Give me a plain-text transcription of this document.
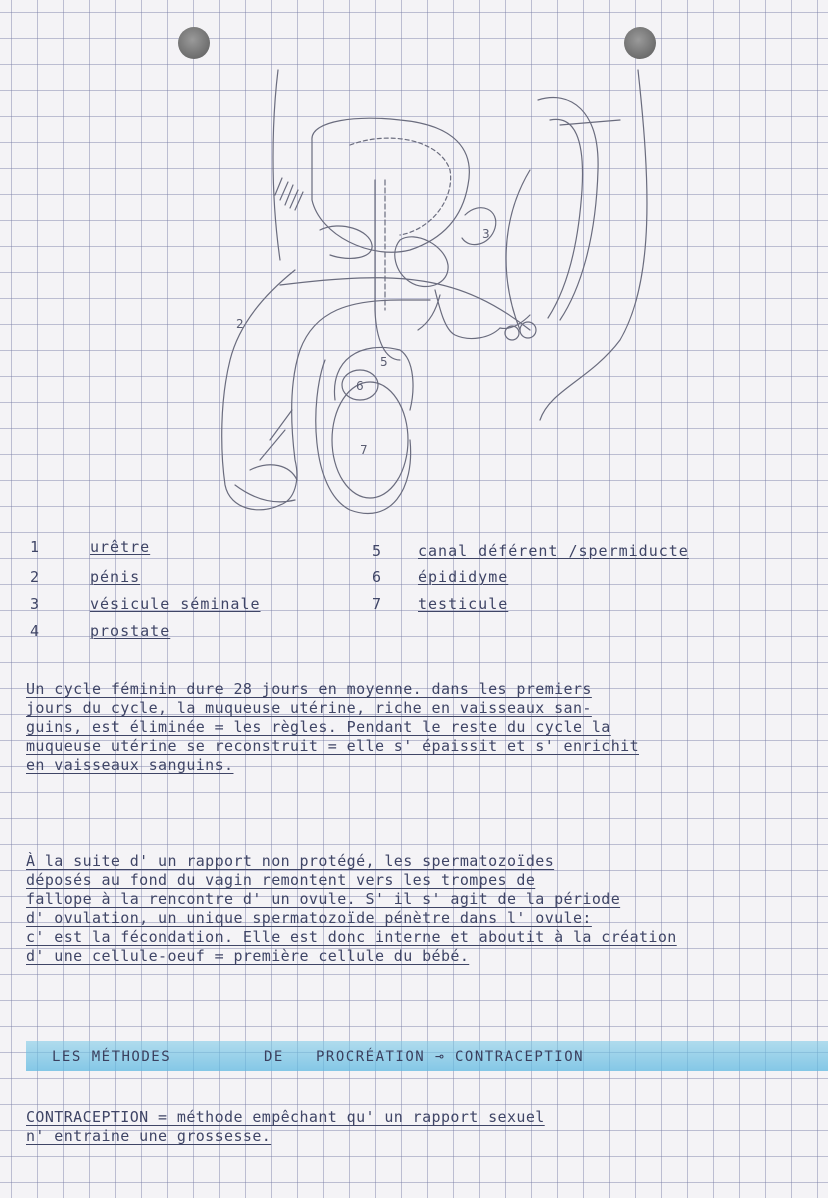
2
3
5
6
7
1	urêtre
2	pénis
3	vésicule séminale
4	prostate
5	canal déférent /spermiducte
6	épididyme
7	testicule
Un cycle féminin dure 28 jours en moyenne. dans les premiers
jours du cycle, la muqueuse utérine, riche en vaisseaux san-
guins, est éliminée = les règles. Pendant le reste du cycle la
muqueuse utérine se reconstruit = elle s' épaissit et s' enrichit
en vaisseaux sanguins.
À la suite d' un rapport non protégé, les spermatozoïdes
déposés au fond du vagin remontent vers les trompes de
fallope à la rencontre d' un ovule. S' il s' agit de la période
d' ovulation, un unique spermatozoïde pénètre dans l' ovule:
c' est la fécondation. Elle est donc interne et aboutit à la création
d' une cellule-oeuf = première cellule du bébé.
LES MÉTHODES	DE PROCRÉATION ⊸ CONTRACEPTION
CONTRACEPTION = méthode empêchant qu' un rapport sexuel
n' entraine une grossesse.
